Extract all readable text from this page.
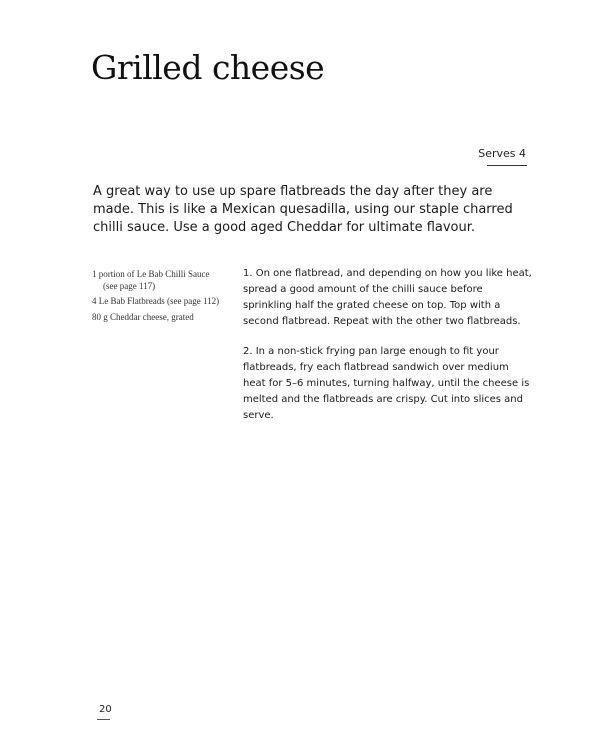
Grilled cheese
Serves 4

A great way to use up spare flatbreads the day after they are made. This is like a Mexican quesadilla, using our staple charred chilli sauce. Use a good aged Cheddar for ultimate flavour.

1 portion of Le Bab Chilli Sauce
(see page 117)
4 Le Bab Flatbreads (see page 112)
80 g Cheddar cheese, grated

1. On one flatbread, and depending on how you like heat, spread a good amount of the chilli sauce before sprinkling half the grated cheese on top. Top with a second flatbread. Repeat with the other two flatbreads.

2. In a non-stick frying pan large enough to fit your flatbreads, fry each flatbread sandwich over medium heat for 5–6 minutes, turning halfway, until the cheese is melted and the flatbreads are crispy. Cut into slices and serve.

20
